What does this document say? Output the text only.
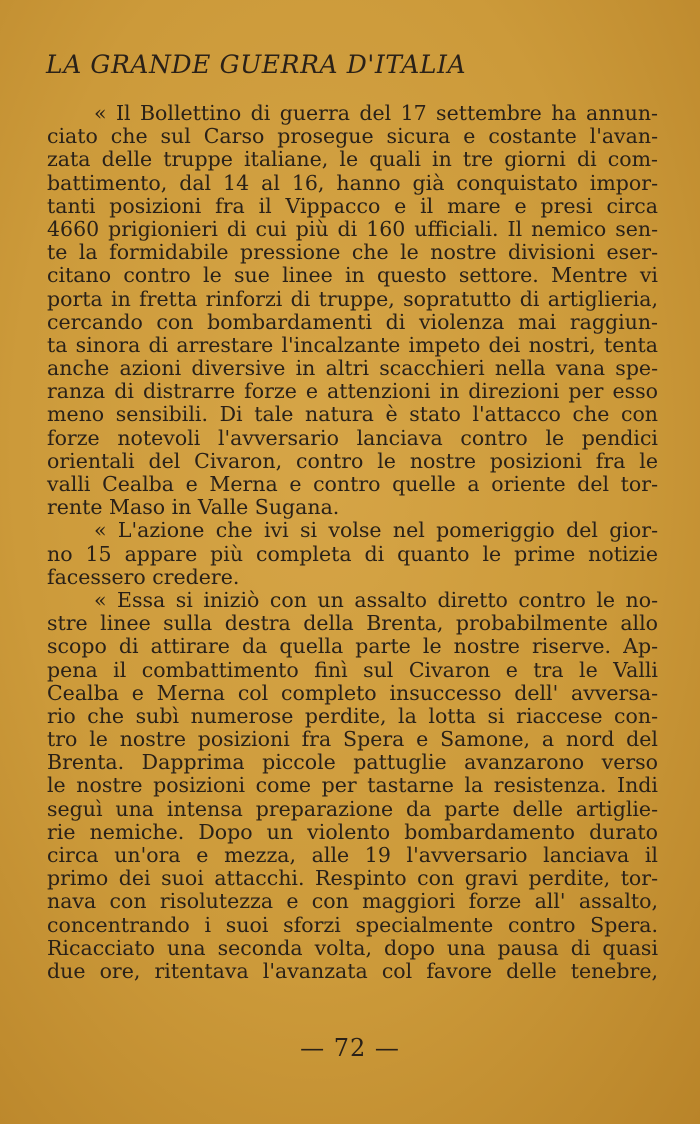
LA GRANDE GUERRA D'ITALIA
« Il Bollettino di guerra del 17 settembre ha annun-
ciato che sul Carso prosegue sicura e costante l'avan-
zata delle truppe italiane, le quali in tre giorni di com-
battimento, dal 14 al 16, hanno già conquistato impor-
tanti posizioni fra il Vippacco e il mare e presi circa
4660 prigionieri di cui più di 160 ufficiali. Il nemico sen-
te la formidabile pressione che le nostre divisioni eser-
citano contro le sue linee in questo settore. Mentre vi
porta in fretta rinforzi di truppe, sopratutto di artiglieria,
cercando con bombardamenti di violenza mai raggiun-
ta sinora di arrestare l'incalzante impeto dei nostri, tenta
anche azioni diversive in altri scacchieri nella vana spe-
ranza di distrarre forze e attenzioni in direzioni per esso
meno sensibili. Di tale natura è stato l'attacco che con
forze notevoli l'avversario lanciava contro le pendici
orientali del Civaron, contro le nostre posizioni fra le
valli Cealba e Merna e contro quelle a oriente del tor-
rente Maso in Valle Sugana.
« L'azione che ivi si volse nel pomeriggio del gior-
no 15 appare più completa di quanto le prime notizie
facessero credere.
« Essa si iniziò con un assalto diretto contro le no-
stre linee sulla destra della Brenta, probabilmente allo
scopo di attirare da quella parte le nostre riserve. Ap-
pena il combattimento finì sul Civaron e tra le Valli
Cealba e Merna col completo insuccesso dell' avversa-
rio che subì numerose perdite, la lotta si riaccese con-
tro le nostre posizioni fra Spera e Samone, a nord del
Brenta. Dapprima piccole pattuglie avanzarono verso
le nostre posizioni come per tastarne la resistenza. Indi
seguì una intensa preparazione da parte delle artiglie-
rie nemiche. Dopo un violento bombardamento durato
circa un'ora e mezza, alle 19 l'avversario lanciava il
primo dei suoi attacchi. Respinto con gravi perdite, tor-
nava con risolutezza e con maggiori forze all' assalto,
concentrando i suoi sforzi specialmente contro Spera.
Ricacciato una seconda volta, dopo una pausa di quasi
due ore, ritentava l'avanzata col favore delle tenebre,
— 72 —
